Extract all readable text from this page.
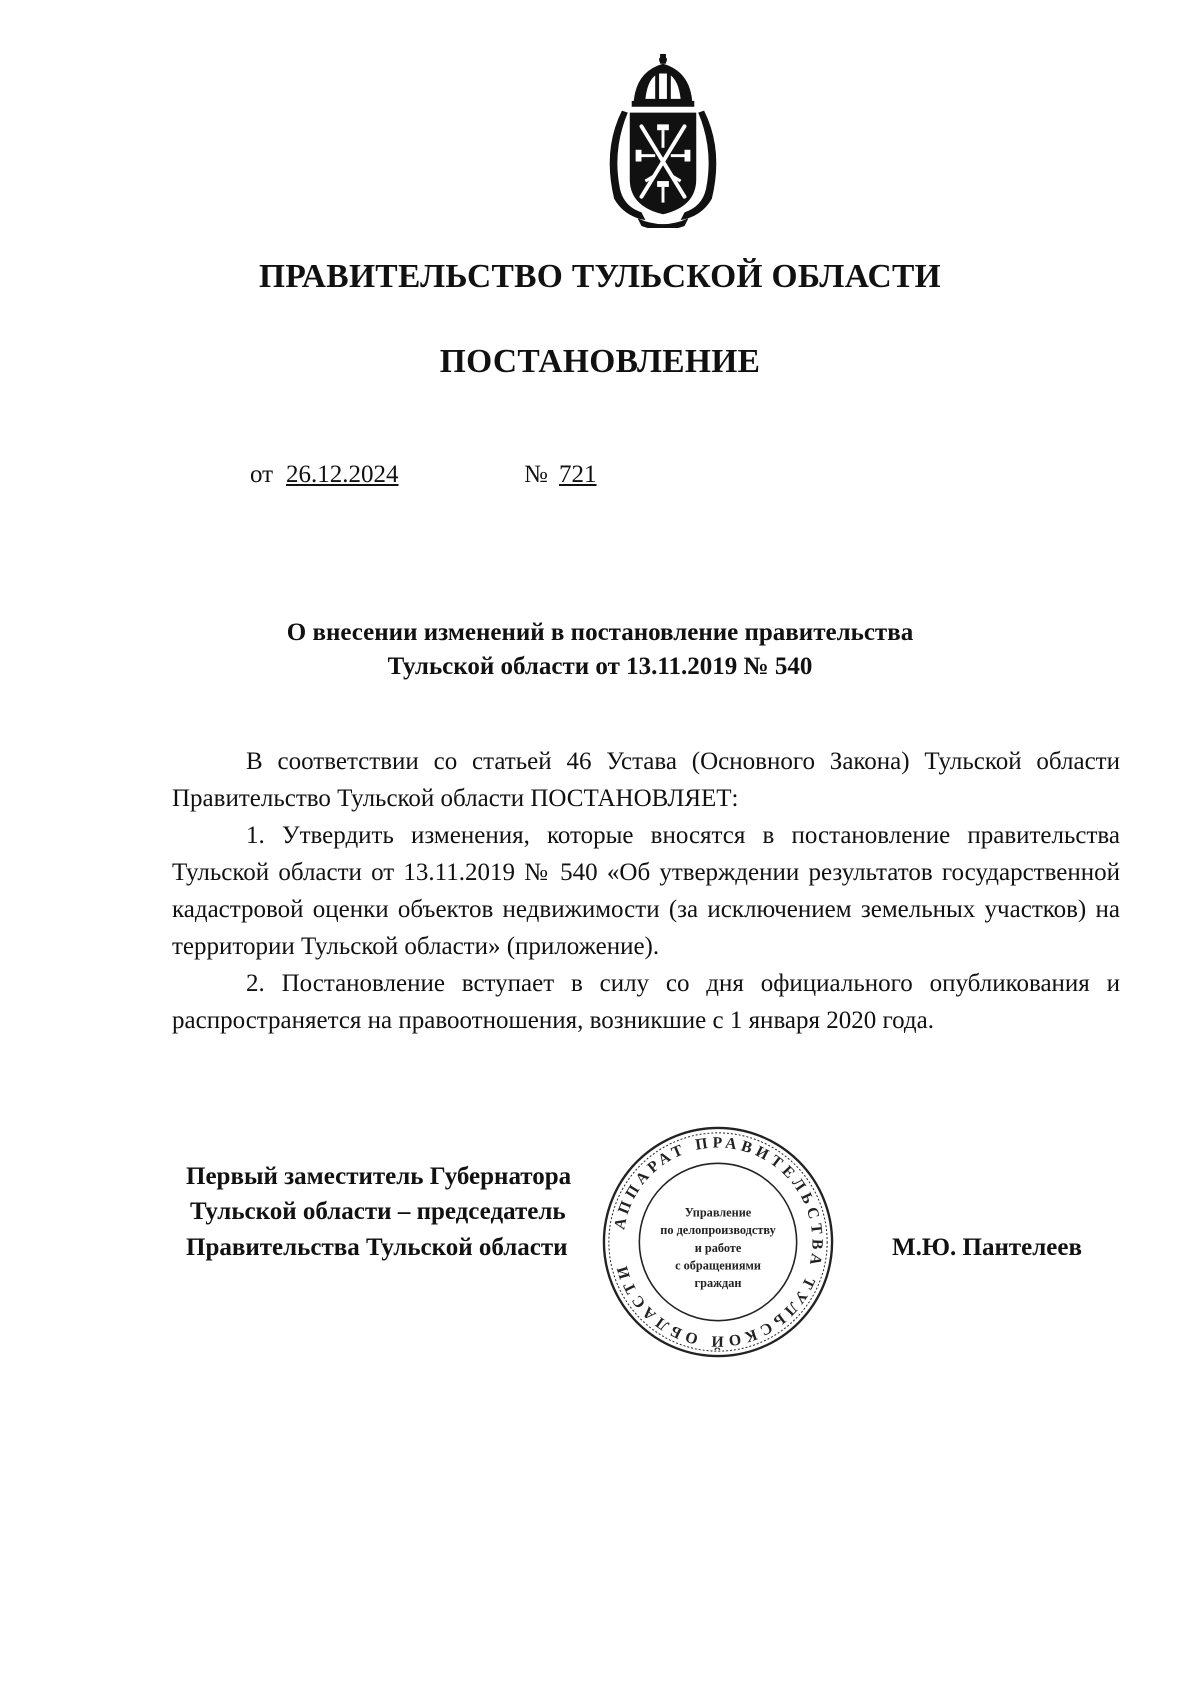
ПРАВИТЕЛЬСТВО ТУЛЬСКОЙ ОБЛАСТИ
ПОСТАНОВЛЕНИЕ
от 26.12.2024	№ 721
О внесении изменений в постановление правительства
Тульской области от 13.11.2019 № 540

В соответствии со статьей 46 Устава (Основного Закона) Тульской области Правительство Тульской области ПОСТАНОВЛЯЕТ:

1. Утвердить изменения, которые вносятся в постановление правительства Тульской области от 13.11.2019 № 540 «Об утверждении результатов государственной кадастровой оценки объектов недвижимости (за исключением земельных участков) на территории Тульской области» (приложение).

2. Постановление вступает в силу со дня официального опубликования и распространяется на правоотношения, возникшие с 1 января 2020 года.

Первый заместитель Губернатора
Тульской области – председатель
Правительства Тульской области	М.Ю. Пантелеев
АППАРАТ ПРАВИТЕЛЬСТВА ТУЛЬСКОЙ ОБЛАСТИ
Управление
по делопроизводству
и работе
с обращениями
граждан
